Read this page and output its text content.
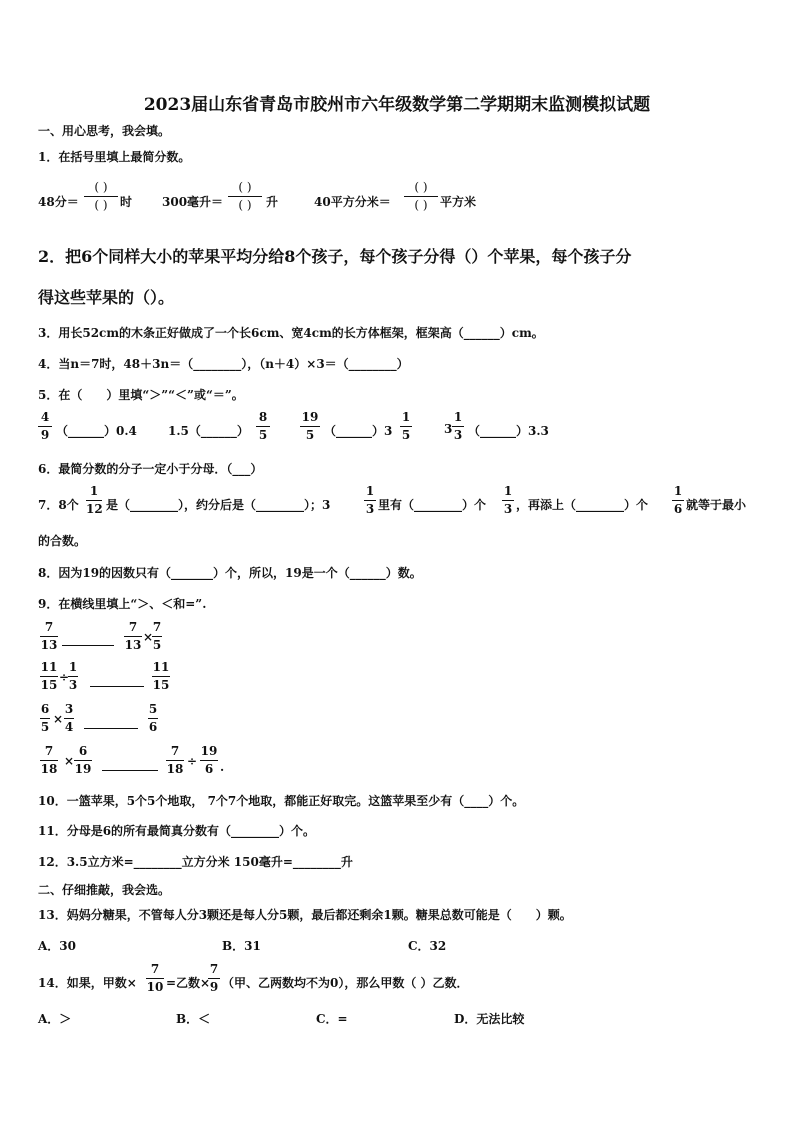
2023届山东省青岛市胶州市六年级数学第二学期期末监测模拟试题
一、用心思考，我会填。
1．在括号里填上最简分数。
48分＝
( )
( )	时 300毫升＝
( )
( )	升	40平方分米＝
( )
( )	平方米
2．把6个同样大小的苹果平均分给8个孩子，每个孩子分得（）个苹果，每个孩子分
得这些苹果的（）。
3．用长52cm的木条正好做成了一个长6cm、宽4cm的长方体框架，框架高（______）cm。
4．当n＝7时，48＋3n＝（________），（n＋4）×3＝（________）
5．在（　　）里填“＞”“＜”或“＝”。
4
9 （______）0.4	1.5（______）
8
5
19
5 （______）3
1
5	3
1
3 （______）3.3
6．最简分数的分子一定小于分母．（___）
7．8个
1
12 是（________），约分后是（________）；3
1
3 里有（________）个
1
3 ，再添上（________）个
1
6 就等于最小
的合数。
8．因为19的因数只有（_______）个，所以，19是一个（______）数。
9．在横线里填上“＞、＜和=”.
7
13
7
13
×
7
5
11
15
÷
1
3
11
15
6
5
×
3
4
5
6
7
18
×
6
19
7
18
÷
19
6 .
10．一篮苹果，5个5个地取， 7个7个地取，都能正好取完。这篮苹果至少有（____）个。
11．分母是6的所有最简真分数有（________）个。
12．3.5立方米=________立方分米 150毫升=________升
二、仔细推敲，我会选。
13．妈妈分糖果，不管每人分3颗还是每人分5颗，最后都还剩余1颗。糖果总数可能是（　　）颗。
A．30	B．31	C．32
14．如果，甲数×
7
10 =乙数×
7
9 （甲、乙两数均不为0），那么甲数（ ）乙数．
A．＞	B．＜	C．=	D．无法比较
